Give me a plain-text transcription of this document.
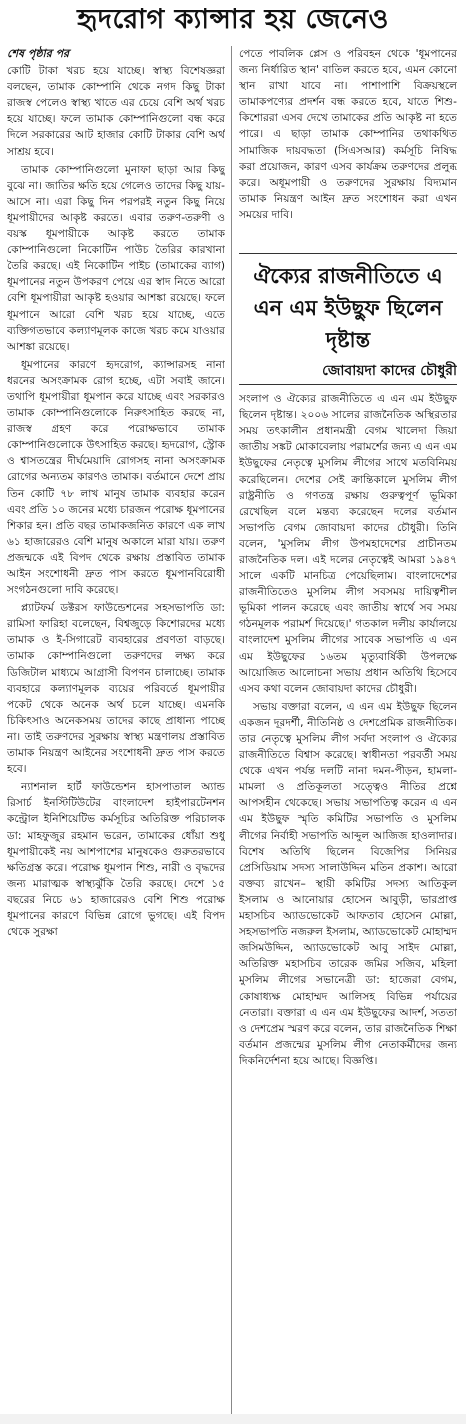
হৃদরোগ ক্যান্সার হয় জেনেও
শেষ পৃষ্ঠার পর

কোটি টাকা খরচ হয়ে যাচ্ছে। স্বাস্থ্য বিশেষজ্ঞরা বলছেন, তামাক কোম্পানি থেকে নগদ কিছু টাকা রাজস্ব পেলেও স্বাস্থ্য খাতে এর চেয়ে বেশি অর্থ খরচ হয়ে যাচ্ছে। ফলে তামাক কোম্পানিগুলো বন্ধ করে দিলে সরকারের আট হাজার কোটি টাকার বেশি অর্থ সাশ্রয় হবে।

তামাক কোম্পানিগুলো মুনাফা ছাড়া আর কিছু বুঝে না। জাতির ক্ষতি হয়ে গেলেও তাদের কিছু যায়-আসে না। এরা কিছু দিন পরপরই নতুন কিছু নিয়ে ধূমপায়ীদের আকৃষ্ট করতে। এবার তরুণ-তরুণী ও বয়স্ক ধূমপায়ীকে আকৃষ্ট করতে তামাক কোম্পানিগুলো নিকোটিন পাউচ তৈরির কারখানা তৈরি করছে। এই নিকোটিন পাইচ (তামাকের ব্যাগ) ধূমপানের নতুন উপকরণ পেয়ে এর স্বাদ নিতে আরো বেশি ধূমপায়ীরা আকৃষ্ট হওয়ার আশঙ্কা রয়েছে। ফলে ধূমপানে আরো বেশি খরচ হয়ে যাচ্ছে, এতে ব্যক্তিগতভাবে কল্যাণমূলক কাজে খরচ কমে যাওয়ার আশঙ্কা রয়েছে।

ধূমপানের কারণে হৃদরোগ, ক্যান্সারসহ নানা ধরনের অসংক্রামক রোগ হচ্ছে, এটা সবাই জানে। তথাপি ধূমপায়ীরা ধূমপান করে যাচ্ছে এবং সরকারও তামাক কোম্পানিগুলোকে নিরুৎসাহিত করছে না, রাজস্ব গ্রহণ করে পরোক্ষভাবে তামাক কোম্পানিগুলোকে উৎসাহিত করছে। হৃদরোগ, স্ট্রোক ও শ্বাসতন্ত্রের দীর্ঘমেয়াদি রোগসহ নানা অসংক্রামক রোগের অন্যতম কারণও তামাক। বর্তমানে দেশে প্রায় তিন কোটি ৭৮ লাখ মানুষ তামাক ব্যবহার করেন এবং প্রতি ১০ জনের মধ্যে চারজন পরোক্ষ ধূমপানের শিকার হন। প্রতি বছর তামাকজনিত কারণে এক লাখ ৬১ হাজারেরও বেশি মানুষ অকালে মারা যায়। তরুণ প্রজন্মকে এই বিপদ থেকে রক্ষায় প্রস্তাবিত তামাক আইন সংশোধনী দ্রুত পাস করতে ধূমপানবিরোধী সংগঠনগুলো দাবি করেছে।

প্ল্যাটফর্ম ডক্টরস ফাউন্ডেশনের সহসভাপতি ডা: রামিসা ফারিহা বলেছেন, বিশ্বজুড়ে কিশোরদের মধ্যে তামাক ও ই-সিগারেট ব্যবহারের প্রবণতা বাড়ছে। তামাক কোম্পানিগুলো তরুণদের লক্ষ্য করে ডিজিটাল মাধ্যমে আগ্রাসী বিপণন চালাচ্ছে। তামাক ব্যবহারে কল্যাণমূলক ব্যয়ের পরিবর্তে ধূমপায়ীর পকেট থেকে অনেক অর্থ চলে যাচ্ছে। এমনকি চিকিৎসাও অনেকসময় তাদের কাছে প্রাধান্য পাচ্ছে না। তাই তরুণদের সুরক্ষায় স্বাস্থ্য মন্ত্রণালয় প্রস্তাবিত তামাক নিয়ন্ত্রণ আইনের সংশোধনী দ্রুত পাস করতে হবে।

ন্যাশনাল হার্ট ফাউন্ডেশন হাসপাতাল অ্যান্ড রিসার্চ ইনস্টিটিউটের বাংলাদেশ হাইপারটেনশন কন্ট্রোল ইনিশিয়েটিভ কর্মসূচির অতিরিক্ত পরিচালক ডা: মাহফুজুর রহমান ভরেন, তামাকের ধোঁয়া শুধু ধূমপায়ীকেই নয় আশপাশের মানুষকেও গুরুতরভাবে ক্ষতিগ্রস্ত করে। পরোক্ষ ধূমপান শিশু, নারী ও বৃদ্ধদের জন্য মারাত্মক স্বাস্থ্যঝুঁকি তৈরি করছে। দেশে ১৫ বছরের নিচে ৬১ হাজারেরও বেশি শিশু পরোক্ষ ধূমপানের কারণে বিভিন্ন রোগে ভুগছে। এই বিপদ থেকে সুরক্ষা

পেতে পাবলিক প্লেস ও পরিবহন থেকে 'ধূমপানের জন্য নির্ধারিত স্থান' বাতিল করতে হবে, এমন কোনো স্থান রাখা যাবে না। পাশাপাশি বিক্রয়স্থলে তামাকপণ্যের প্রদর্শন বন্ধ করতে হবে, যাতে শিশু-কিশোররা এসব দেখে তামাকের প্রতি আকৃষ্ট না হতে পারে। এ ছাড়া তামাক কোম্পানির তথাকথিত সামাজিক দায়বদ্ধতা (সিএসআর) কর্মসূচি নিষিদ্ধ করা প্রয়োজন, কারণ এসব কার্যক্রম তরুণদের প্রলুব্ধ করে। অধূমপায়ী ও তরুণদের সুরক্ষায় বিদ্যমান তামাক নিয়ন্ত্রণ আইন দ্রুত সংশোধন করা এখন সময়ের দাবি।

ঐক্যের রাজনীতিতে এ এন এম ইউছুফ ছিলেন দৃষ্টান্ত
জোবায়দা কাদের চৌধুরী

সংলাপ ও ঐক্যের রাজনীতিতে এ এন এম ইউছুফ ছিলেন দৃষ্টান্ত। ২০০৬ সালের রাজনৈতিক অস্থিরতার সময় তৎকালীন প্রধানমন্ত্রী বেগম খালেদা জিয়া জাতীয় সঙ্কট মোকাবেলায় পরামর্শের জন্য এ এন এম ইউছুফের নেতৃত্বে মুসলিম লীগের সাথে মতবিনিময় করেছিলেন। দেশের সেই ক্রান্তিকালে মুসলিম লীগ রাষ্ট্রনীতি ও গণতন্ত্র রক্ষায় গুরুত্বপূর্ণ ভূমিকা রেখেছিল বলে মন্তব্য করেছেন দলের বর্তমান সভাপতি বেগম জোবায়দা কাদের চৌধুরী। তিনি বলেন, 'মুসলিম লীগ উপমহাদেশের প্রাচীনতম রাজনৈতিক দল। এই দলের নেতৃত্বেই আমরা ১৯৪৭ সালে একটি মানচিত্র পেয়েছিলাম। বাংলাদেশের রাজনীতিতেও মুসলিম লীগ সবসময় দায়িত্বশীল ভূমিকা পালন করেছে এবং জাতীয় স্বার্থে সব সময় গঠনমূলক পরামর্শ দিয়েছে।' গতকাল দলীয় কার্যালয়ে বাংলাদেশ মুসলিম লীগের সাবেক সভাপতি এ এন এম ইউছুফের ১৬তম মৃত্যুবার্ষিকী উপলক্ষে আয়োজিত আলোচনা সভায় প্রধান অতিথি হিসেবে এসব কথা বলেন জোবায়দা কাদের চৌধুরী।

সভায় বক্তারা বলেন, এ এন এম ইউছুফ ছিলেন একজন দূরদর্শী, নীতিনিষ্ঠ ও দেশপ্রেমিক রাজনীতিক। তার নেতৃত্বে মুসলিম লীগ সর্বদা সংলাপ ও ঐক্যের রাজনীতিতে বিশ্বাস করেছে। স্বাধীনতা পরবর্তী সময় থেকে এখন পর্যন্ত দলটি নানা দমন-পীড়ন, হামলা-মামলা ও প্রতিকূলতা সত্ত্বেও নীতির প্রশ্নে আপসহীন থেকেছে। সভায় সভাপতিত্ব করেন এ এন এম ইউছুফ স্মৃতি কমিটির সভাপতি ও মুসলিম লীগের নির্বাহী সভাপতি আব্দুল আজিজ হাওলাদার। বিশেষ অতিথি ছিলেন বিজেপির সিনিয়র প্রেসিডিয়াম সদস্য সালাউদ্দিন মতিন প্রকাশ। আরো বক্তব্য রাখেন– স্থায়ী কমিটির সদস্য আতিকুল ইসলাম ও আনোয়ার হোসেন আবুড়ী, ভারপ্রাপ্ত মহাসচিব অ্যাডভোকেট আফতাব হোসেন মোল্লা, সহসভাপতি নজরুল ইসলাম, অ্যাডভোকেট মোহাম্মদ জসিমউদ্দিন, অ্যাডভোকেট আবু সাইদ মোল্লা, অতিরিক্ত মহাসচিব তারেক জমির সজিব, মহিলা মুসলিম লীগের সভানেত্রী ডা: হাজেরা বেগম, কোষাধ্যক্ষ মোহাম্মদ আলিসহ বিভিন্ন পর্যায়ের নেতারা। বক্তারা এ এন এম ইউছুফের আদর্শ, সততা ও দেশপ্রেম স্মরণ করে বলেন, তার রাজনৈতিক শিক্ষা বর্তমান প্রজন্মের মুসলিম লীগ নেতাকর্মীদের জন্য দিকনির্দেশনা হয়ে আছে। বিজ্ঞপ্তি।
